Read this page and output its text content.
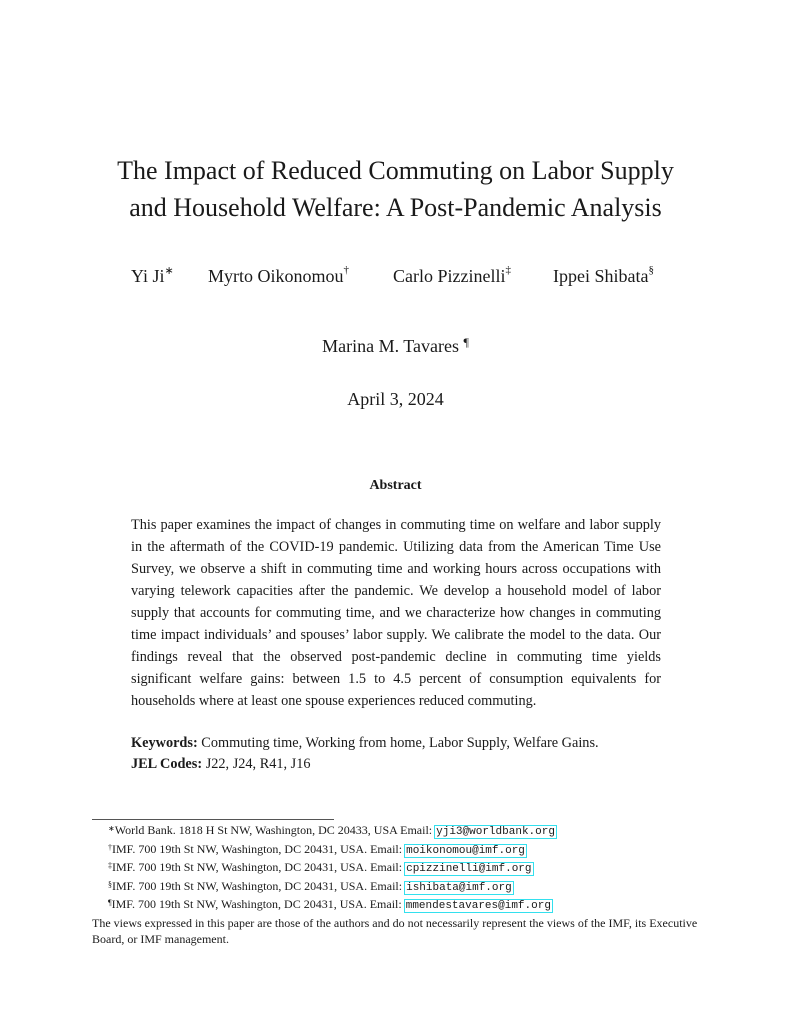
The Impact of Reduced Commuting on Labor Supply
and Household Welfare: A Post-Pandemic Analysis
Yi Ji∗ Myrto Oikonomou† Carlo Pizzinelli‡ Ippei Shibata§
Marina M. Tavares ¶
April 3, 2024
Abstract
This paper examines the impact of changes in commuting time on welfare and labor supply in the aftermath of the COVID-19 pandemic. Utilizing data from the American Time Use Survey, we observe a shift in commuting time and working hours across occupations with varying telework capacities after the pandemic. We develop a household model of labor supply that accounts for commuting time, and we characterize how changes in commuting time impact individuals’ and spouses’ labor supply. We calibrate the model to the data. Our findings reveal that the observed post-pandemic decline in commuting time yields significant welfare gains: between 1.5 to 4.5 percent of consumption equivalents for households where at least one spouse experiences reduced commuting.
Keywords: Commuting time, Working from home, Labor Supply, Welfare Gains.
JEL Codes: J22, J24, R41, J16
∗World Bank. 1818 H St NW, Washington, DC 20433, USA Email: yji3@worldbank.org
†IMF. 700 19th St NW, Washington, DC 20431, USA. Email: moikonomou@imf.org
‡IMF. 700 19th St NW, Washington, DC 20431, USA. Email: cpizzinelli@imf.org
§IMF. 700 19th St NW, Washington, DC 20431, USA. Email: ishibata@imf.org
¶IMF. 700 19th St NW, Washington, DC 20431, USA. Email: mmendestavares@imf.org
The views expressed in this paper are those of the authors and do not necessarily represent the views of the IMF, its Executive Board, or IMF management.
